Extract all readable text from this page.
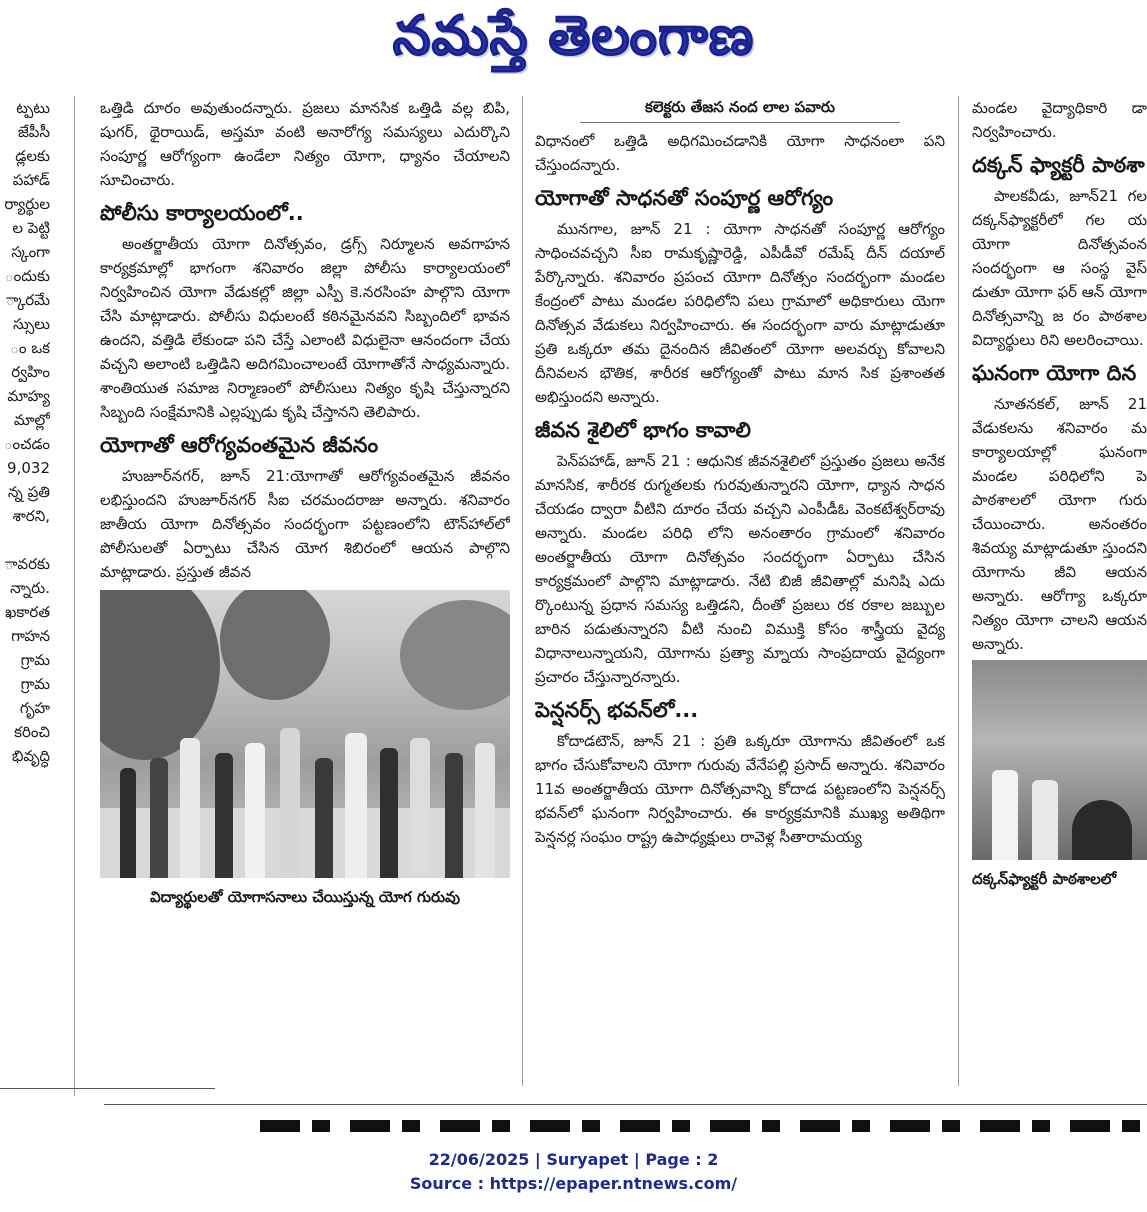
నమస్తే తెలంగాణ

ట్పటు

జేపీసీ

డ్లలకు

పహాడ్

ర్యార్థుల

ల పెట్టి

స్కంగా

ందుకు

్కారమే

స్సులు

ం ఒక

ర్వహిం

మాహ్య

మాల్లో

ంచడం

9,032

న్న ప్రతి

శారని,

ావరకు

న్నారు.

ఖకారత

గాహన

గ్రామ

గ్రామ

గృహ

కరించి

భివృద్ధి

ఒత్తిడి దూరం అవుతుందన్నారు. ప్రజలు మానసిక ఒత్తిడి వల్ల బిపి, షుగర్, థైరాయిడ్, అస్తమా వంటి అనారోగ్య సమస్యలు ఎదుర్కొని సంపూర్ణ ఆరోగ్యంగా ఉండేలా నిత్యం యోగా, ధ్యానం చేయాలని సూచించారు.

పోలీసు కార్యాలయంలో..

అంతర్జాతీయ యోగా దినోత్సవం, డ్రగ్స్ నిర్మూలన అవగాహన కార్యక్రమాల్లో భాగంగా శనివారం జిల్లా పోలీసు కార్యాలయంలో నిర్వహించిన యోగా వేడుకల్లో జిల్లా ఎస్పీ కె.నరసింహ పాల్గొని యోగా చేసి మాట్లాడారు. పోలీసు విధులంటే కఠినమైనవని సిబ్బందిలో భావన ఉందని, వత్తిడి లేకుండా పని చేస్తే ఎలాంటి విధులైనా ఆనందంగా చేయ వచ్చని అలాంటి ఒత్తిడిని అదిగమించాలంటే యోగాతోనే సాధ్యమన్నారు. శాంతియుత సమాజ నిర్మాణంలో పోలీసులు నిత్యం కృషి చేస్తున్నారని సిబ్బంది సంక్షేమానికి ఎల్లప్పుడు కృషి చేస్తానని తెలిపారు.

యోగాతో ఆరోగ్యవంతమైన జీవనం

హుజూర్‌నగర్, జూన్ 21:యోగాతో ఆరోగ్యవంతమైన జీవనం లభిస్తుందని హుజూర్‌నగర్ సీఐ చరమందరాజు అన్నారు. శనివారం జాతీయ యోగా దినోత్సవం సందర్భంగా పట్టణంలోని టౌన్‌హాల్‌లో పోలీసులతో ఏర్పాటు చేసిన యోగ శిబిరంలో ఆయన పాల్గొని మాట్లాడారు. ప్రస్తుత జీవన

విద్యార్థులతో యోగాసనాలు చేయిస్తున్న యోగ గురువు
కలెక్టరు తేజస నంద లాల పవారు

విధానంలో ఒత్తిడి అధిగమించడానికి యోగా సాధనంలా పని చేస్తుందన్నారు.

యోగాతో సాధనతో సంపూర్ణ ఆరోగ్యం

మునగాల, జూన్ 21 : యోగా సాధనతో సంపూర్ణ ఆరోగ్యం సాధించవచ్చని సీఐ రామకృష్ణారెడ్డి, ఎపీడీవో రమేష్ దీన్ దయాల్ పేర్కొన్నారు. శనివారం ప్రపంచ యోగా దినోత్సం సందర్భంగా మండల కేంద్రంలో పాటు మండల పరిధిలోని పలు గ్రామాలో అధికారులు యెగా దినోత్సవ వేడుకలు నిర్వహించారు. ఈ సందర్భంగా వారు మాట్లాడుతూ ప్రతి ఒక్కరూ తమ దైనందిన జీవితంలో యోగా అలవర్చు కోవాలని దీనివలన భౌతిక, శారీరక ఆరోగ్యంతో పాటు మాన సిక ప్రశాంతత అభిస్తుందని అన్నారు.

జీవన శైలిలో భాగం కావాలి

పెన్‌పహాడ్, జూన్ 21 : ఆధునిక జీవనశైలిలో ప్రస్తుతం ప్రజలు అనేక మానసిక, శారీరక రుగ్మతలకు గురవుతున్నారని యోగా, ధ్యాన సాధన చేయడం ద్వారా వీటిని దూరం చేయ వచ్చని ఎంపీడీఓ వెంకటేశ్వర్‌రావు అన్నారు. మండల పరిధి లోని అనంతారం గ్రామంలో శనివారం అంతర్జాతీయ యోగా దినోత్సవం సందర్భంగా ఏర్పాటు చేసిన కార్యక్రమంలో పాల్గొని మాట్లాడారు. నేటి బిజీ జీవితాల్లో మనిషి ఎదు ర్కొంటున్న ప్రధాన సమస్య ఒత్తిడని, దీంతో ప్రజలు రక రకాల జబ్బుల బారిన పడుతున్నారని వీటి నుంచి విముక్తి కోసం శాస్త్రీయ వైద్య విధానాలున్నాయని, యోగాను ప్రత్యా మ్నాయ సాంప్రదాయ వైద్యంగా ప్రచారం చేస్తున్నారన్నారు.

పెన్షనర్స్ భవన్‌లో...

కోదాడటౌన్, జూన్ 21 : ప్రతి ఒక్కరూ యోగాను జీవితంలో ఒక భాగం చేసుకోవాలని యోగా గురువు వేనేపల్లి ప్రసాద్ అన్నారు. శనివారం 11వ అంతర్జాతీయ యోగా దినోత్సవాన్ని కోదాడ పట్టణంలోని పెన్షనర్స్ భవన్‌లో ఘనంగా నిర్వహించారు. ఈ కార్యక్రమానికి ముఖ్య అతిథిగా పెన్షనర్ల సంఘం రాష్ట్ర ఉపాధ్యక్షులు రావెళ్ల సీతారామయ్య

మండల వైద్యాధికారి డా నిర్వహించారు.

దక్కన్ ఫ్యాక్టరీ పాఠశా

పాలకవీడు, జూన్21 గల దక్కన్‌ఫ్యాక్టరీలో గల య యోగా దినోత్సవంన సందర్భంగా ఆ సంస్థ వైస్ డుతూ యోగా ఫర్ ఆన్ యోగా దినోత్సవాన్ని జ రం పాఠశాల విద్యార్థులు రిని అలరించాయి.

ఘనంగా యోగా దిన

నూతనకల్, జూన్ 21 వేడుకలను శనివారం మ కార్యాలయాల్లో ఘనంగా మండల పరిధిలోని పె పాఠశాలలో యోగా గురు చేయించారు. అనంతరం శివయ్య మాట్లాడుతూ స్తుందని యోగాను జీవి ఆయన అన్నారు. ఆరోగ్యా ఒక్కరూ నిత్యం యోగా చాలని ఆయన అన్నారు.

దక్కన్‌ఫ్యాక్టరీ పాఠశాలలో
22/06/2025 | Suryapet | Page : 2
Source : https://epaper.ntnews.com/
